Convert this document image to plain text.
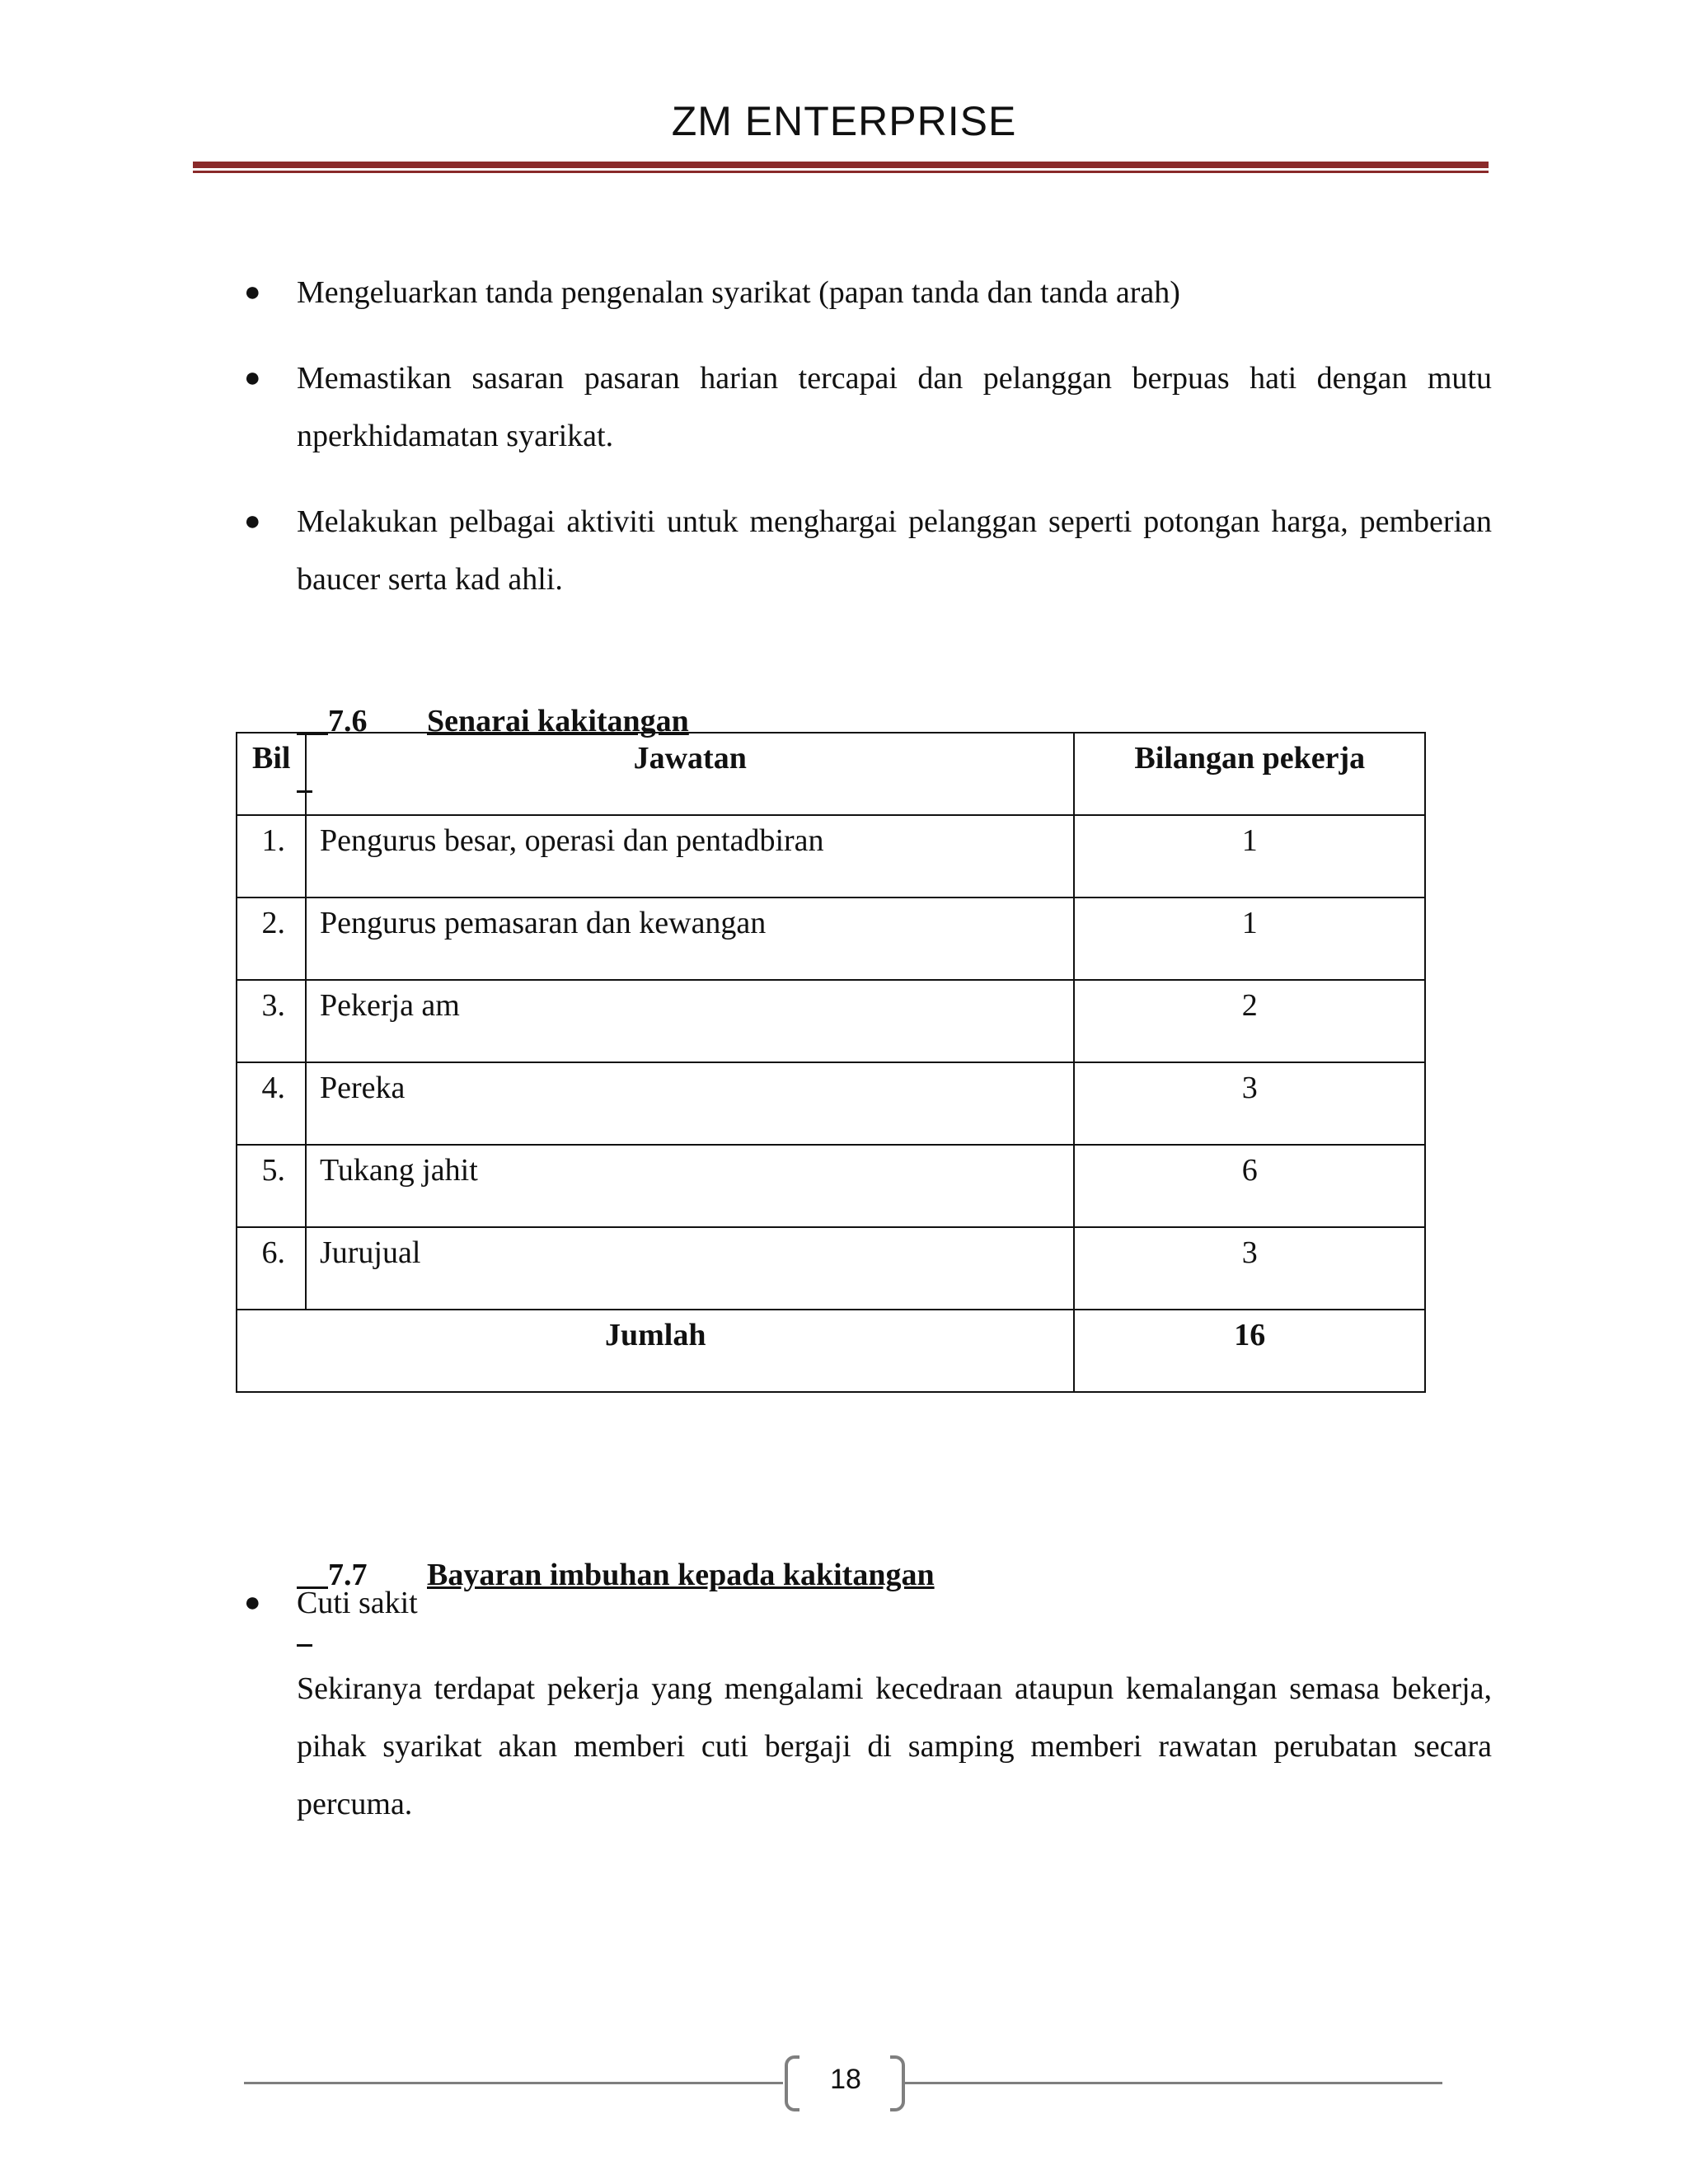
ZM ENTERPRISE
● Mengeluarkan tanda pengenalan syarikat (papan tanda dan tanda arah)
● Memastikan sasaran pasaran harian tercapai dan pelanggan berpuas hati dengan mutu nperkhidamatan syarikat.
● Melakukan pelbagai aktiviti untuk menghargai pelanggan seperti potongan harga, pemberian baucer serta kad ahli.

7.6 Senarai kakitangan

7.7 Bayaran imbuhan kepada kakitangan

● Cuti sakit
Bil	Jawatan	Bilangan pekerja
1.	Pengurus besar, operasi dan pentadbiran	1
2.	Pengurus pemasaran dan kewangan	1
3.	Pekerja am	2
4.	Pereka	3
5.	Tukang jahit	6
6.	Jurujual	3
Jumlah		16
Sekiranya terdapat pekerja yang mengalami kecedraan ataupun kemalangan semasa bekerja, pihak syarikat akan memberi cuti bergaji di samping memberi rawatan perubatan secara percuma.
18
